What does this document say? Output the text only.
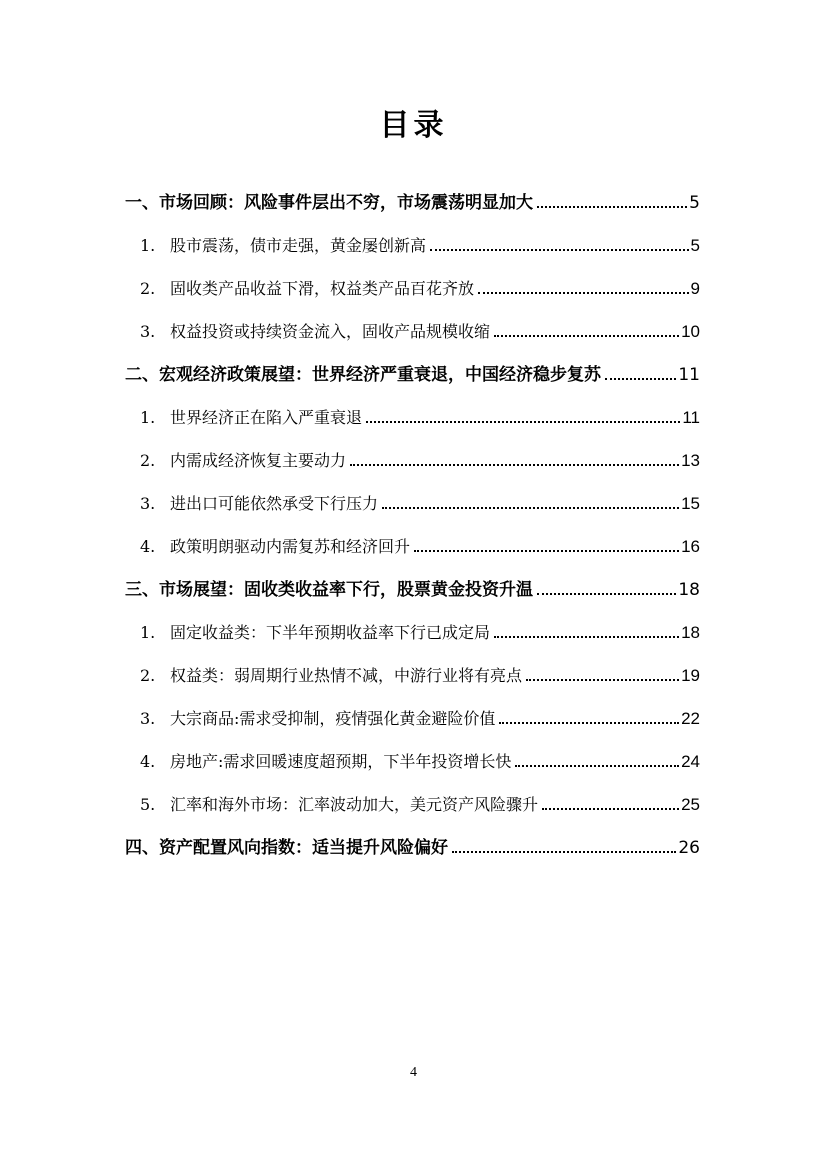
目录
一、市场回顾：风险事件层出不穷，市场震荡明显加大	5
1. 股市震荡，债市走强，黄金屡创新高	5
2. 固收类产品收益下滑，权益类产品百花齐放	9
3. 权益投资或持续资金流入，固收产品规模收缩	10
二、宏观经济政策展望：世界经济严重衰退，中国经济稳步复苏	11
1. 世界经济正在陷入严重衰退	11
2. 内需成经济恢复主要动力	13
3. 进出口可能依然承受下行压力	15
4. 政策明朗驱动内需复苏和经济回升	16
三、市场展望：固收类收益率下行，股票黄金投资升温	18
1. 固定收益类：下半年预期收益率下行已成定局	18
2. 权益类：弱周期行业热情不减，中游行业将有亮点	19
3. 大宗商品:需求受抑制，疫情强化黄金避险价值	22
4. 房地产:需求回暖速度超预期，下半年投资增长快	24
5. 汇率和海外市场：汇率波动加大，美元资产风险骤升	25
四、资产配置风向指数：适当提升风险偏好	26
4
